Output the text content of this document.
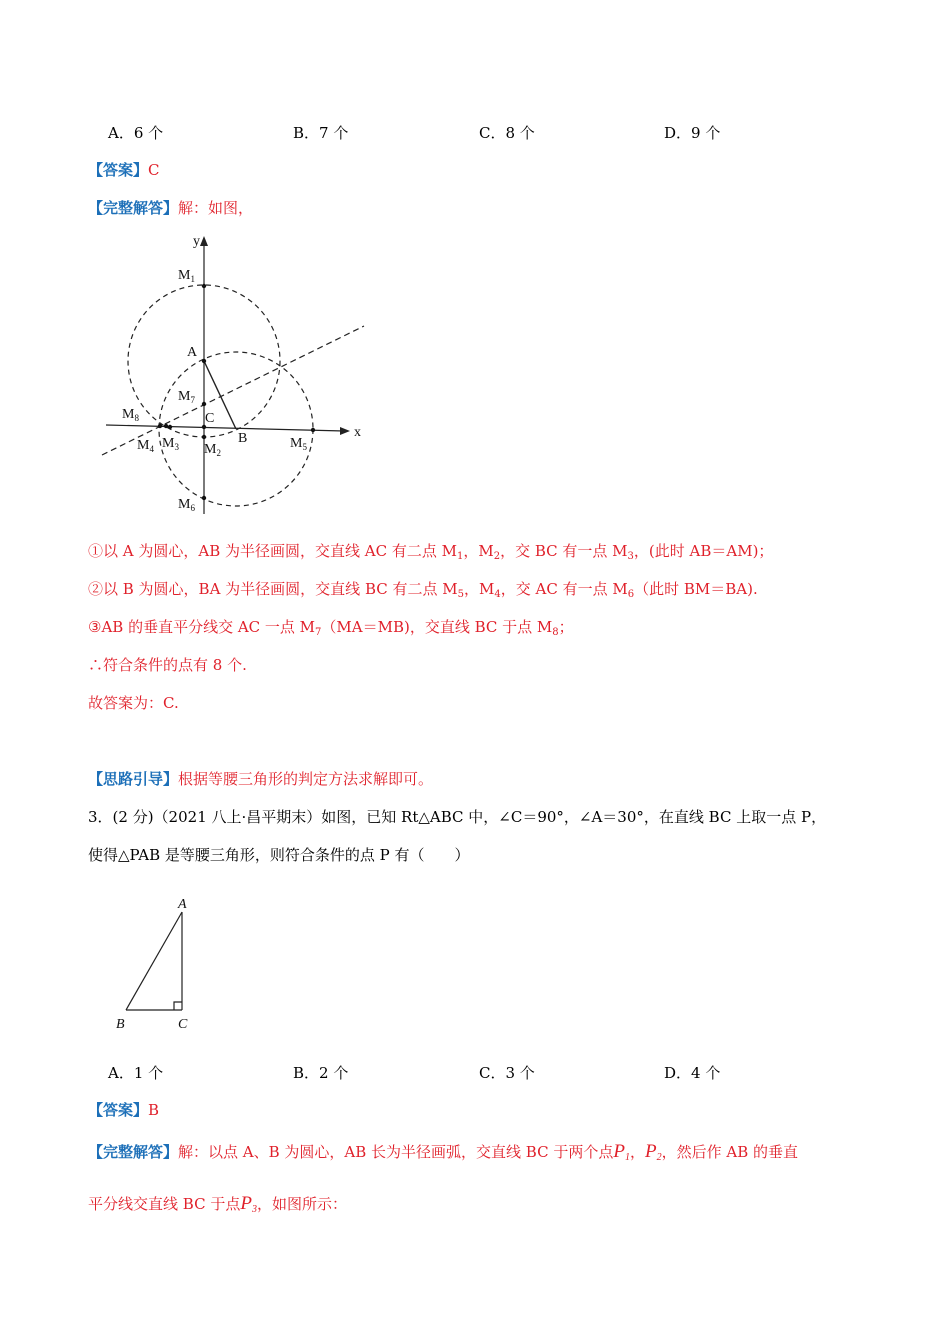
A．6 个	B．7 个	C．8 个	D．9 个
【答案】C
【完整解答】解：如图，
y
x
A
B
C
$M_1$
$M_7$
$M_8$
$M_4$ $M_3$ $M_2$
$M_5$
$M_6$
①以 A 为圆心，AB 为半径画圆，交直线 AC 有二点 $M_1$，$M_2$，交 BC 有一点 $M_3$，(此时 AB＝AM)；
②以 B 为圆心，BA 为半径画圆，交直线 BC 有二点 $M_5$，$M_4$，交 AC 有一点 $M_6$（此时 BM＝BA).
③AB 的垂直平分线交 AC 一点 $M_7(MA=MB)$，交直线 BC 于点 $M_8$；
∴符合条件的点有 8 个.
故答案为：C.
【思路引导】根据等腰三角形的判定方法求解即可。
3．(2 分)（2021 八上·昌平期末）如图，已知 Rt△ABC 中，∠C＝90°，∠A＝30°，在直线 BC 上取一点 P，
使得△PAB 是等腰三角形，则符合条件的点 P 有（　　）
A
B	C
A．1 个	B．2 个	C．3 个	D．4 个
【答案】B
【完整解答】解：以点 A、B 为圆心，AB 长为半径画弧，交直线 BC 于两个点$P_1$，$P_2$，然后作 AB 的垂直
平分线交直线 BC 于点$P_3$，如图所示：
